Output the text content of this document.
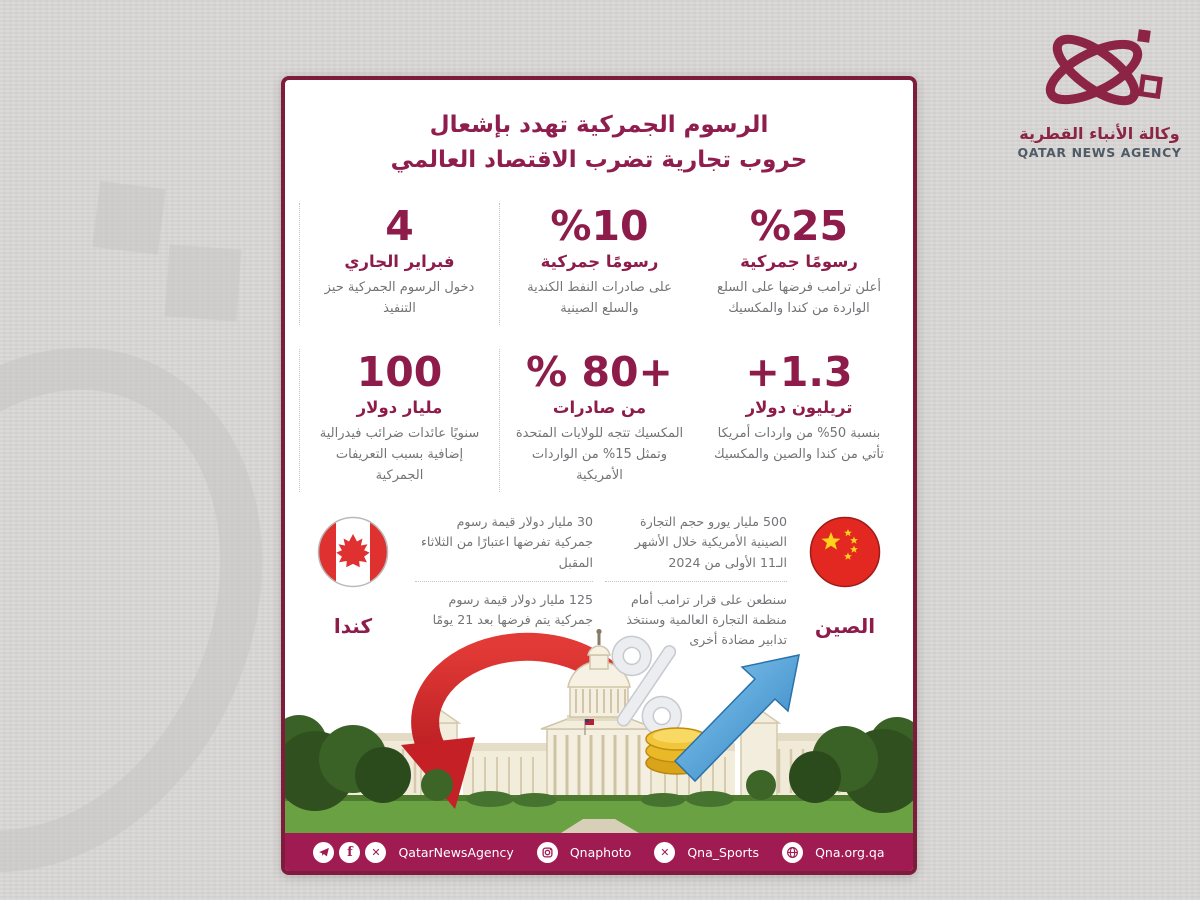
وكالة الأنباء القطرية
QATAR NEWS AGENCY
الرسوم الجمركية تهدد بإشعال
حروب تجارية تضرب الاقتصاد العالمي
%25
رسومًا جمركية
أعلن ترامب فرضها على السلع الواردة من كندا والمكسيك
%10
رسومًا جمركية
على صادرات النفط الكندية والسلع الصينية
4
فبراير الجاري
دخول الرسوم الجمركية حيز التنفيذ
+1.3
تريليون دولار
بنسبة 50% من واردات أمريكا تأتي من كندا والصين والمكسيك
% 80+
من صادرات
المكسيك تتجه للولايات المتحدة وتمثل 15% من الواردات الأمريكية
100
مليار دولار
سنويًا عائدات ضرائب فيدرالية إضافية بسبب التعريفات الجمركية
كندا

30 مليار دولار قيمة رسوم جمركية تفرضها اعتبارًا من الثلاثاء المقبل

125 مليار دولار قيمة رسوم جمركية يتم فرضها بعد 21 يومًا

500 مليار يورو حجم التجارة الصينية الأمريكية خلال الأشهر الـ11 الأولى من 2024

سنطعن على قرار ترامب أمام منظمة التجارة العالمية وسنتخذ تدابير مضادة أخرى

الصين
f ✕ QatarNewsAgency	Qnaphoto	✕ Qna_Sports	Qna.org.qa
